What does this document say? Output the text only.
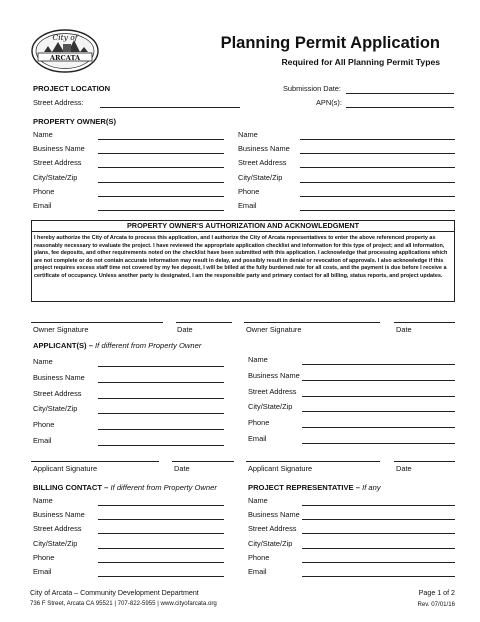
City of
ARCATA
Planning Permit Application
Required for All Planning Permit Types
PROJECT LOCATION
Street Address:
Submission Date:
APN(s):
PROPERTY OWNER(S)
Name
Business Name
Street Address
City/State/Zip
Phone
Email
Name
Business Name
Street Address
City/State/Zip
Phone
Email
PROPERTY OWNER'S AUTHORIZATION AND ACKNOWLEDGMENT
I hereby authorize the City of Arcata to process this application, and I authorize the City of Arcata representatives to enter the above referenced property as reasonably necessary to evaluate the project. I have reviewed the appropriate application checklist and information for this type of project; and all information, plans, fee deposits, and other requirements noted on the checklist have been submitted with this application. I acknowledge that processing applications which are not complete or do not contain accurate information may result in delay, and possibly result in denial or revocation of approvals. I also acknowledge if this project requires excess staff time not covered by my fee deposit, I will be billed at the fully burdened rate for all costs, and the payment is due before I receive a certificate of occupancy. Unless another party is designated, I am the responsible party and primary contact for all billing, status reports, and project updates.
Owner Signature	Date	Owner Signature	Date
APPLICANT(S) – If different from Property Owner
Name
Business Name
Street Address
City/State/Zip
Phone
Email
Name
Business Name
Street Address
City/State/Zip
Phone
Email
Applicant Signature	Date	Applicant Signature	Date
BILLING CONTACT – If different from Property Owner	PROJECT REPRESENTATIVE – If any
Name
Business Name
Street Address
City/State/Zip
Phone
Email
Name
Business Name
Street Address
City/State/Zip
Phone
Email
City of Arcata – Community Development Department
736 F Street, Arcata CA 95521 | 707-822-5955 | www.cityofarcata.org
Page 1 of 2
Rev. 07/01/16
